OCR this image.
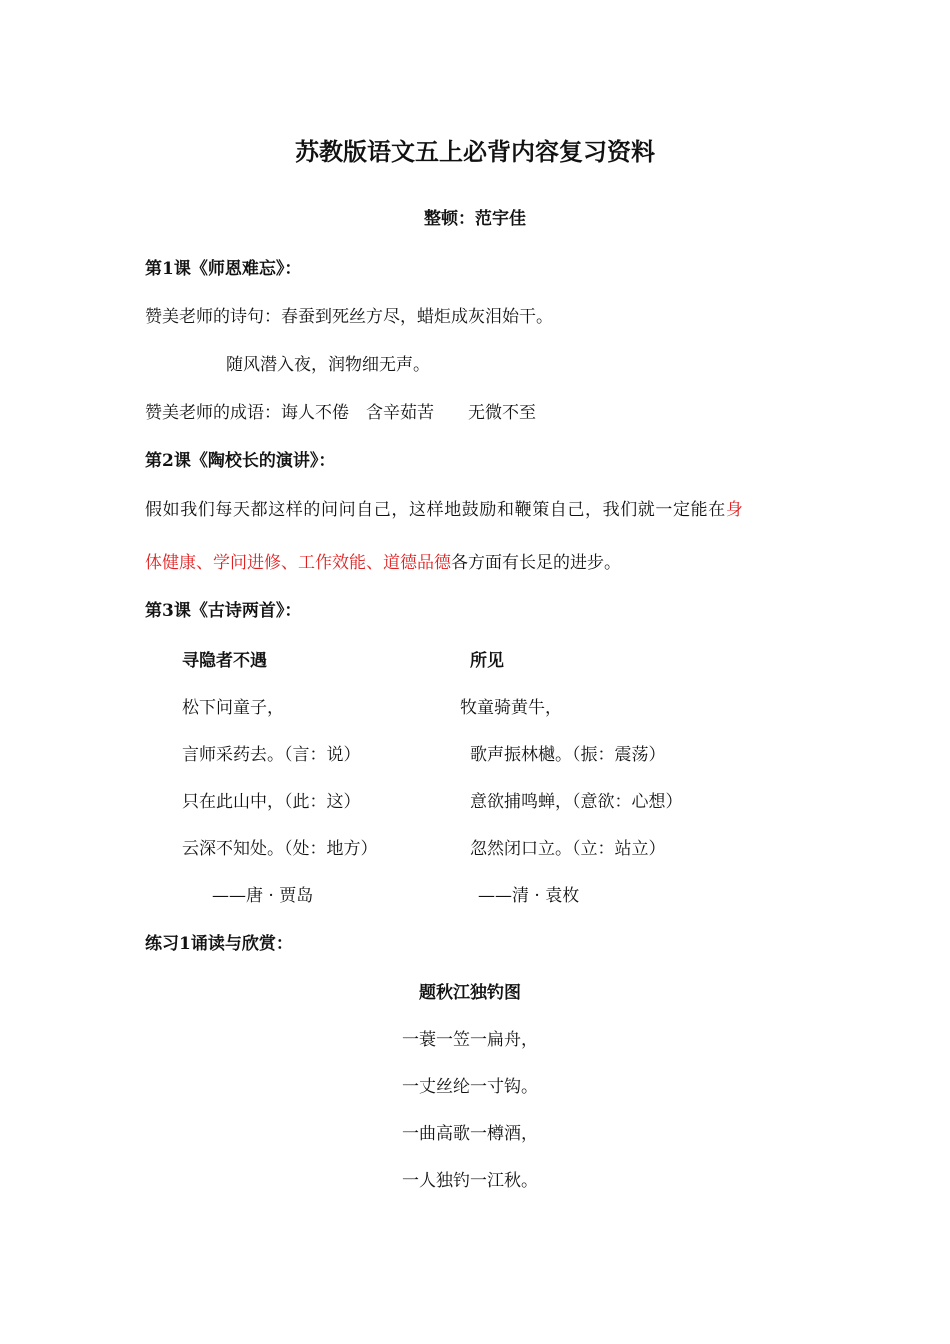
苏教版语文五上必背内容复习资料
整顿：范宇佳
第1课《师恩难忘》：
赞美老师的诗句：春蚕到死丝方尽，蜡炬成灰泪始干。
随风潜入夜，润物细无声。
赞美老师的成语：诲人不倦　含辛茹苦　　无微不至
第2课《陶校长的演讲》：
假如我们每天都这样的问问自己，这样地鼓励和鞭策自己，我们就一定能在身
体健康、学问进修、工作效能、道德品德各方面有长足的进步。
第3课《古诗两首》：
寻隐者不遇
松下问童子，
言师采药去。（言：说）
只在此山中，（此：这）
云深不知处。（处：地方）
——唐 · 贾岛
所见
牧童骑黄牛，
歌声振林樾。（振：震荡）
意欲捕鸣蝉，（意欲：心想）
忽然闭口立。（立：站立）
——清 · 袁枚
练习1诵读与欣赏：
题秋江独钓图
一蓑一笠一扁舟，
一丈丝纶一寸钩。
一曲高歌一樽酒，
一人独钓一江秋。
